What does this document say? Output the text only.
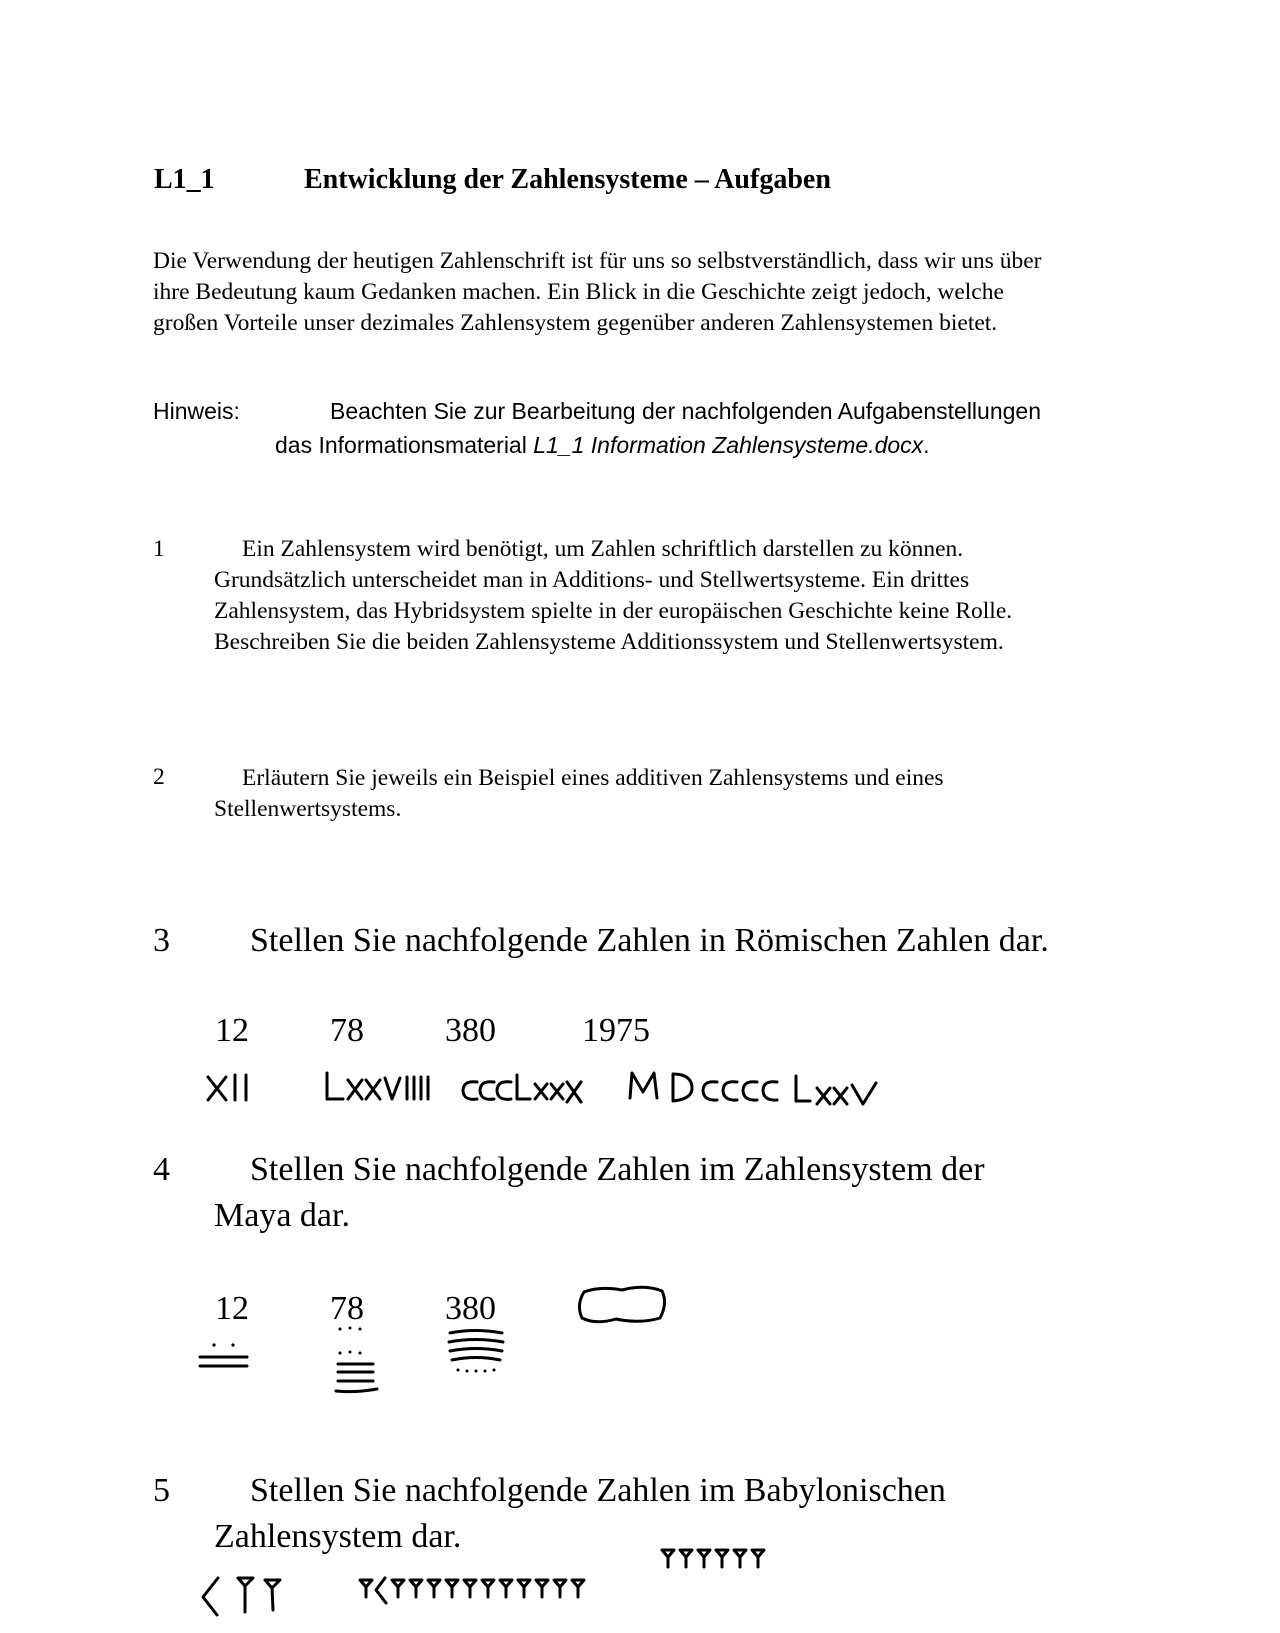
L1_1	Entwicklung der Zahlensysteme – Aufgaben
Die Verwendung der heutigen Zahlenschrift ist für uns so selbstverständlich, dass wir uns über
ihre Bedeutung kaum Gedanken machen. Ein Blick in die Geschichte zeigt jedoch, welche
großen Vorteile unser dezimales Zahlensystem gegenüber anderen Zahlensystemen bietet.
Hinweis:	Beachten Sie zur Bearbeitung der nachfolgenden Aufgabenstellungen
das Informationsmaterial L1_1 Information Zahlensysteme.docx.
1	Ein Zahlensystem wird benötigt, um Zahlen schriftlich darstellen zu können.
Grundsätzlich unterscheidet man in Additions- und Stellwertsysteme. Ein drittes
Zahlensystem, das Hybridsystem spielte in der europäischen Geschichte keine Rolle.
Beschreiben Sie die beiden Zahlensysteme Additionssystem und Stellenwertsystem.
2	Erläutern Sie jeweils ein Beispiel eines additiven Zahlensystems und eines
Stellenwertsystems.
3 Stellen Sie nachfolgende Zahlen in Römischen Zahlen dar.
12 78 380	1975
4 Stellen Sie nachfolgende Zahlen im Zahlensystem der
Maya dar.
12 78 380
5 Stellen Sie nachfolgende Zahlen im Babylonischen
Zahlensystem dar.
